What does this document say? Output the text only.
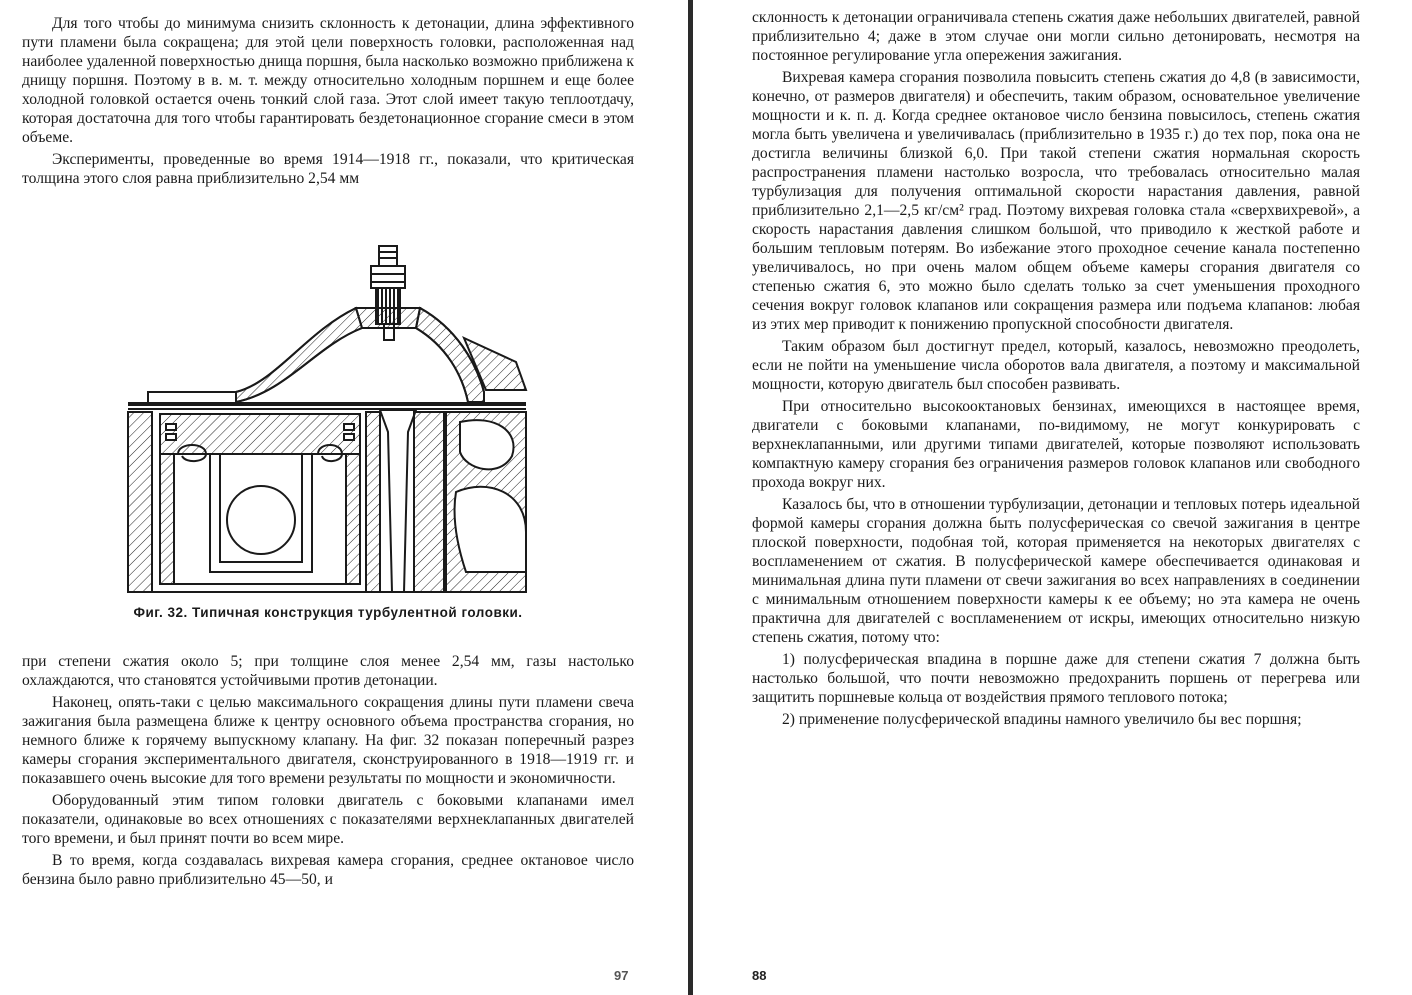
Для того чтобы до минимума снизить склонность к детонации, длина эффективного пути пламени была сокращена; для этой цели поверхность головки, расположенная над наиболее удаленной поверхностью днища поршня, была насколько возможно приближена к днищу поршня. Поэтому в в. м. т. между относительно холодным поршнем и еще более холодной головкой остается очень тонкий слой газа. Этот слой имеет такую теплоотдачу, которая достаточна для того чтобы гарантировать бездетонационное сгорание смеси в этом объеме.

Эксперименты, проведенные во время 1914—1918 гг., показали, что критическая толщина этого слоя равна приблизительно 2,54 мм

Фиг. 32. Типичная конструкция турбулентной головки.

при степени сжатия около 5; при толщине слоя менее 2,54 мм, газы настолько охлаждаются, что становятся устойчивыми против детонации.

Наконец, опять-таки с целью максимального сокращения длины пути пламени свеча зажигания была размещена ближе к центру основного объема пространства сгорания, но немного ближе к горячему выпускному клапану. На фиг. 32 показан поперечный разрез камеры сгорания экспериментального двигателя, сконструированного в 1918—1919 гг. и показавшего очень высокие для того времени результаты по мощности и экономичности.

Оборудованный этим типом головки двигатель с боковыми клапанами имел показатели, одинаковые во всех отношениях с показателями верхнеклапанных двигателей того времени, и был принят почти во всем мире.

В то время, когда создавалась вихревая камера сгорания, среднее октановое число бензина было равно приблизительно 45—50, и

97

склонность к детонации ограничивала степень сжатия даже небольших двигателей, равной приблизительно 4; даже в этом случае они могли сильно детонировать, несмотря на постоянное регулирование угла опережения зажигания.

Вихревая камера сгорания позволила повысить степень сжатия до 4,8 (в зависимости, конечно, от размеров двигателя) и обеспечить, таким образом, основательное увеличение мощности и к. п. д. Когда среднее октановое число бензина повысилось, степень сжатия могла быть увеличена и увеличивалась (приблизительно в 1935 г.) до тех пор, пока она не достигла величины близкой 6,0. При такой степени сжатия нормальная скорость распространения пламени настолько возросла, что требовалась относительно малая турбулизация для получения оптимальной скорости нарастания давления, равной приблизительно 2,1—2,5 кг/см² град. Поэтому вихревая головка стала «сверхвихревой», а скорость нарастания давления слишком большой, что приводило к жесткой работе и большим тепловым потерям. Во избежание этого проходное сечение канала постепенно увеличивалось, но при очень малом общем объеме камеры сгорания двигателя со степенью сжатия 6, это можно было сделать только за счет уменьшения проходного сечения вокруг головок клапанов или сокращения размера или подъема клапанов: любая из этих мер приводит к понижению пропускной способности двигателя.

Таким образом был достигнут предел, который, казалось, невозможно преодолеть, если не пойти на уменьшение числа оборотов вала двигателя, а поэтому и максимальной мощности, которую двигатель был способен развивать.

При относительно высокооктановых бензинах, имеющихся в настоящее время, двигатели с боковыми клапанами, по-видимому, не могут конкурировать с верхнеклапанными, или другими типами двигателей, которые позволяют использовать компактную камеру сгорания без ограничения размеров головок клапанов или свободного прохода вокруг них.

Казалось бы, что в отношении турбулизации, детонации и тепловых потерь идеальной формой камеры сгорания должна быть полусферическая со свечой зажигания в центре плоской поверхности, подобная той, которая применяется на некоторых двигателях с воспламенением от сжатия. В полусферической камере обеспечивается одинаковая и минимальная длина пути пламени от свечи зажигания во всех направлениях в соединении с минимальным отношением поверхности камеры к ее объему; но эта камера не очень практична для двигателей с воспламенением от искры, имеющих относительно низкую степень сжатия, потому что:

1) полусферическая впадина в поршне даже для степени сжатия 7 должна быть настолько большой, что почти невозможно предохранить поршень от перегрева или защитить поршневые кольца от воздействия прямого теплового потока;

2) применение полусферической впадины намного увеличило бы вес поршня;

88
